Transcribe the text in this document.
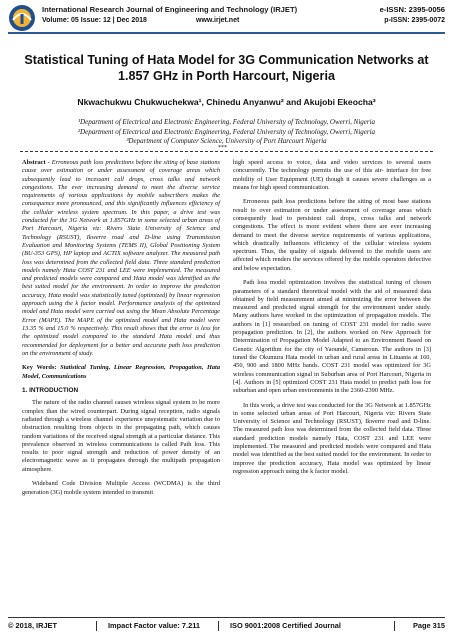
International Research Journal of Engineering and Technology (IRJET)	e-ISSN: 2395-0056
Volume: 05 Issue: 12 | Dec 2018	www.irjet.net	p-ISSN: 2395-0072
Statistical Tuning of Hata Model for 3G Communication Networks at 1.857 GHz in Porth Harcourt, Nigeria
Nkwachukwu Chukwuchekwa¹, Chinedu Anyanwu² and Akujobi Ekeocha³
¹Department of Electrical and Electronic Engineering, Federal University of Technology, Owerri, Nigeria
²Department of Electrical and Electronic Engineering, Federal University of Technology, Owerri, Nigeria
³Department of Computer Science, University of Port Harcourt Nigeria
***

Abstract - Erroneous path loss predictions before the siting of base stations cause over estimation or under assessment of coverage areas which subsequently lead to incessant call drops, cross talks and network congestions. The ever increasing demand to meet the diverse service requirements of various applications by mobile subscribers makes the consequence more pronounced, and this significantly influences efficiency of the cellular wireless system spectrum. In this paper, a drive test was conducted for the 3G Network at 1.857GHz in some selected urban areas of Port Harcourt, Nigeria viz: Rivers State University of Science and Technology (RSUST), Ikwerre road and D-line using Transmission Evaluation and Monitoring Systems (TEMS II), Global Positioning System (BU-353 GPS), HP laptop and ACTIX software analyzer. The measured path loss was determined from the collected field data. Three standard prediction models namely Hata COST 231 and LEE were implemented. The measured and predicted models were compared and Hata model was identified as the best suited model for the environment. In order to improve the prediction accuracy, Hata model was statistically tuned (optimized) by linear regression approach using the k factor model. Performance analysis of the optimized model and Hata model were carried out using the Mean Absolute Percentage Error (MAPE). The MAPE of the optimized model and Hata model were 13.35 % and 15.0 % respectively. This result shows that the error is less for the optimized model compared to the standard Hata model and thus recommended for deployment for a better and accurate path loss prediction on the environment of study.

Key Words: Statistical Tuning, Linear Regression, Propagation, Hata Model, Communications

1. INTRODUCTION

The nature of the radio channel causes wireless signal system to be more complex than the wired counterpart. During signal reception, radio signals radiated through a wireless channel experience unsystematic variation due to obstruction resulting from objects in the propagating path, which causes random variations of the received signal strength at a particular distance. This prevalence observed in wireless communications is called Path loss. This results to poor signal strength and reduction of power density of an electromagnetic wave as it propagates through the multipath propagation atmosphere.

Wideband Code Division Multiple Access (WCDMA) is the third generation (3G) mobile system intended to transmit

high speed access to voice, data and video services to several users concurrently. The technology permits the use of this air- interface for free mobility of User Equipment (UE) though it causes severe challenges as a means for high speed communication.

Erroneous path loss predictions before the siting of most base stations result to over estimation or under assessment of coverage areas which consequently lead to persistent call drops, cross talks and network congestions. The effect is more evident where there are ever increasing demand to meet the diverse service requirements of various applications, which drastically influences efficiency of the cellular wireless system spectrum. Thus, the quality of signals delivered to the mobile users are affected which renders the services offered by the mobile operators defective and below expectation.

Path loss model optimization involves the statistical tuning of chosen parameters of a standard theoretical model with the aid of measured data obtained by field measurement aimed at minimizing the error between the measured and predicted signal strength for the environment under study. Many authors have worked in the optimization of propagation models. The authors in [1] researched on tuning of COST 231 model for radio wave propagation prediction. In [2], the authors worked on New Approach for Determination of Propagation Model Adapted to an Environment Based on Genetic Algorithm for the city of Yaoundé, Cameroun. The authors in [3] tuned the Okumura Hata model in urban and rural areas in Lituania at 160, 450, 900 and 1800 MHz bands. COST 231 model was optimized for 3G wireless communication signal in Suburban area of Port Harcourt, Nigeria in [4]. Authors in [5] optimized COST 231 Hata model to predict path loss for suburban and open urban environments in the 2360-2390 MHz.

In this work, a drive test was conducted for the 3G Network at 1.857GHz in some selected urban areas of Port Harcourt, Nigeria viz: Rivers State University of Science and Technology (RSUST), Ikwerre road and D-line. The measured path loss was determined from the collected field data. Three standard prediction models namely Hata, COST 231 and LEE were implemented. The measured and predicted models were compared and Hata model was identified as the best suited model for the environment. In order to improve the prediction accuracy, Hata model was optimized by linear regression approach using the k factor model.

© 2018, IRJET	Impact Factor value: 7.211	ISO 9001:2008 Certified Journal	Page 315
